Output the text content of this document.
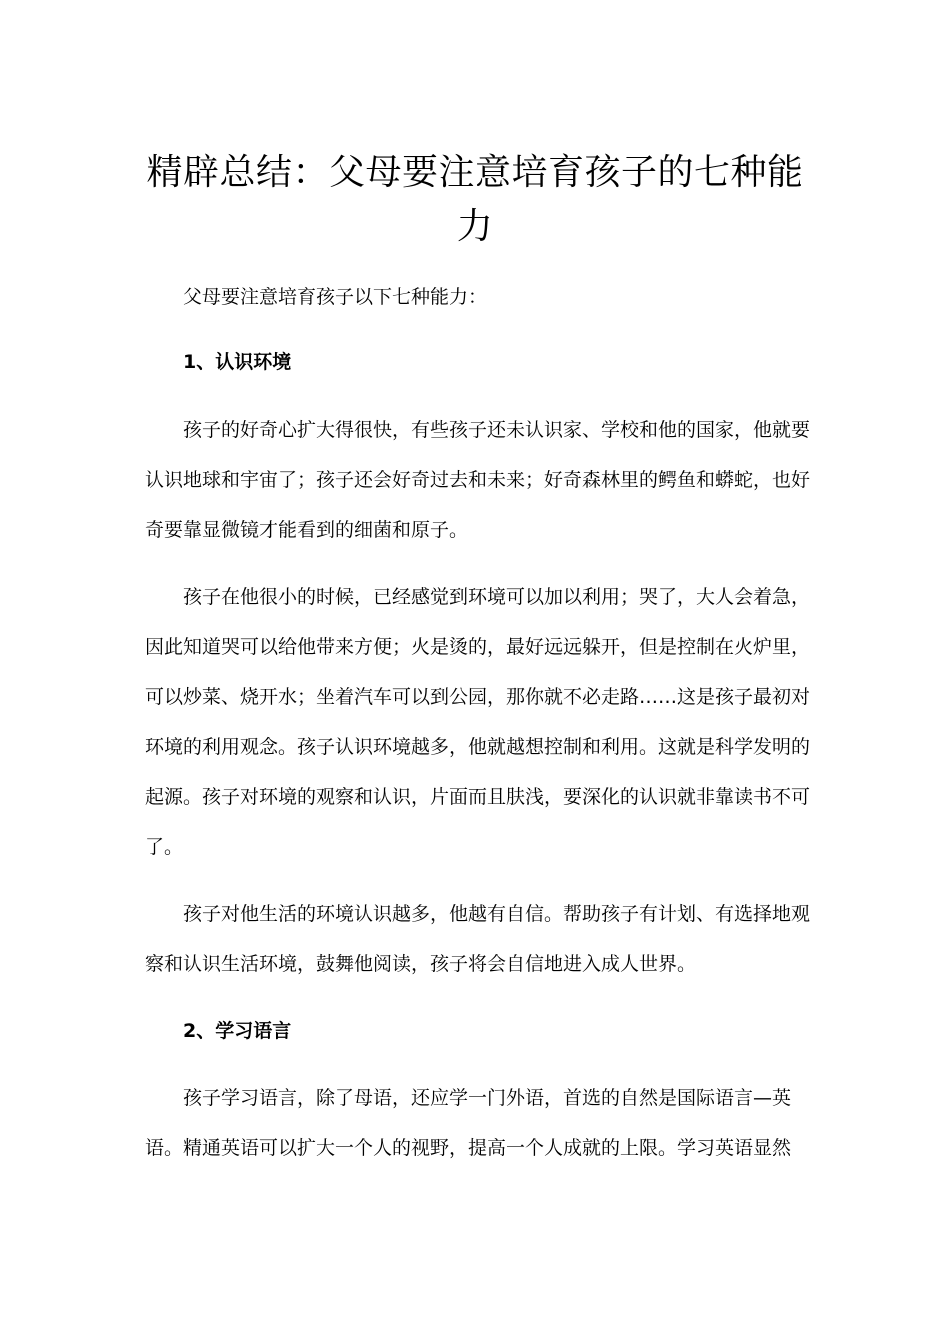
精辟总结：父母要注意培育孩子的七种能力

父母要注意培育孩子以下七种能力：

1、认识环境

孩子的好奇心扩大得很快，有些孩子还未认识家、学校和他的国家，他就要认识地球和宇宙了；孩子还会好奇过去和未来；好奇森林里的鳄鱼和蟒蛇，也好奇要靠显微镜才能看到的细菌和原子。

孩子在他很小的时候，已经感觉到环境可以加以利用；哭了，大人会着急，因此知道哭可以给他带来方便；火是烫的，最好远远躲开，但是控制在火炉里，可以炒菜、烧开水；坐着汽车可以到公园，那你就不必走路……这是孩子最初对环境的利用观念。孩子认识环境越多，他就越想控制和利用。这就是科学发明的起源。孩子对环境的观察和认识，片面而且肤浅，要深化的认识就非靠读书不可了。

孩子对他生活的环境认识越多，他越有自信。帮助孩子有计划、有选择地观察和认识生活环境，鼓舞他阅读，孩子将会自信地进入成人世界。

2、学习语言

孩子学习语言，除了母语，还应学一门外语，首选的自然是国际语言—英语。精通英语可以扩大一个人的视野，提高一个人成就的上限。学习英语显然
